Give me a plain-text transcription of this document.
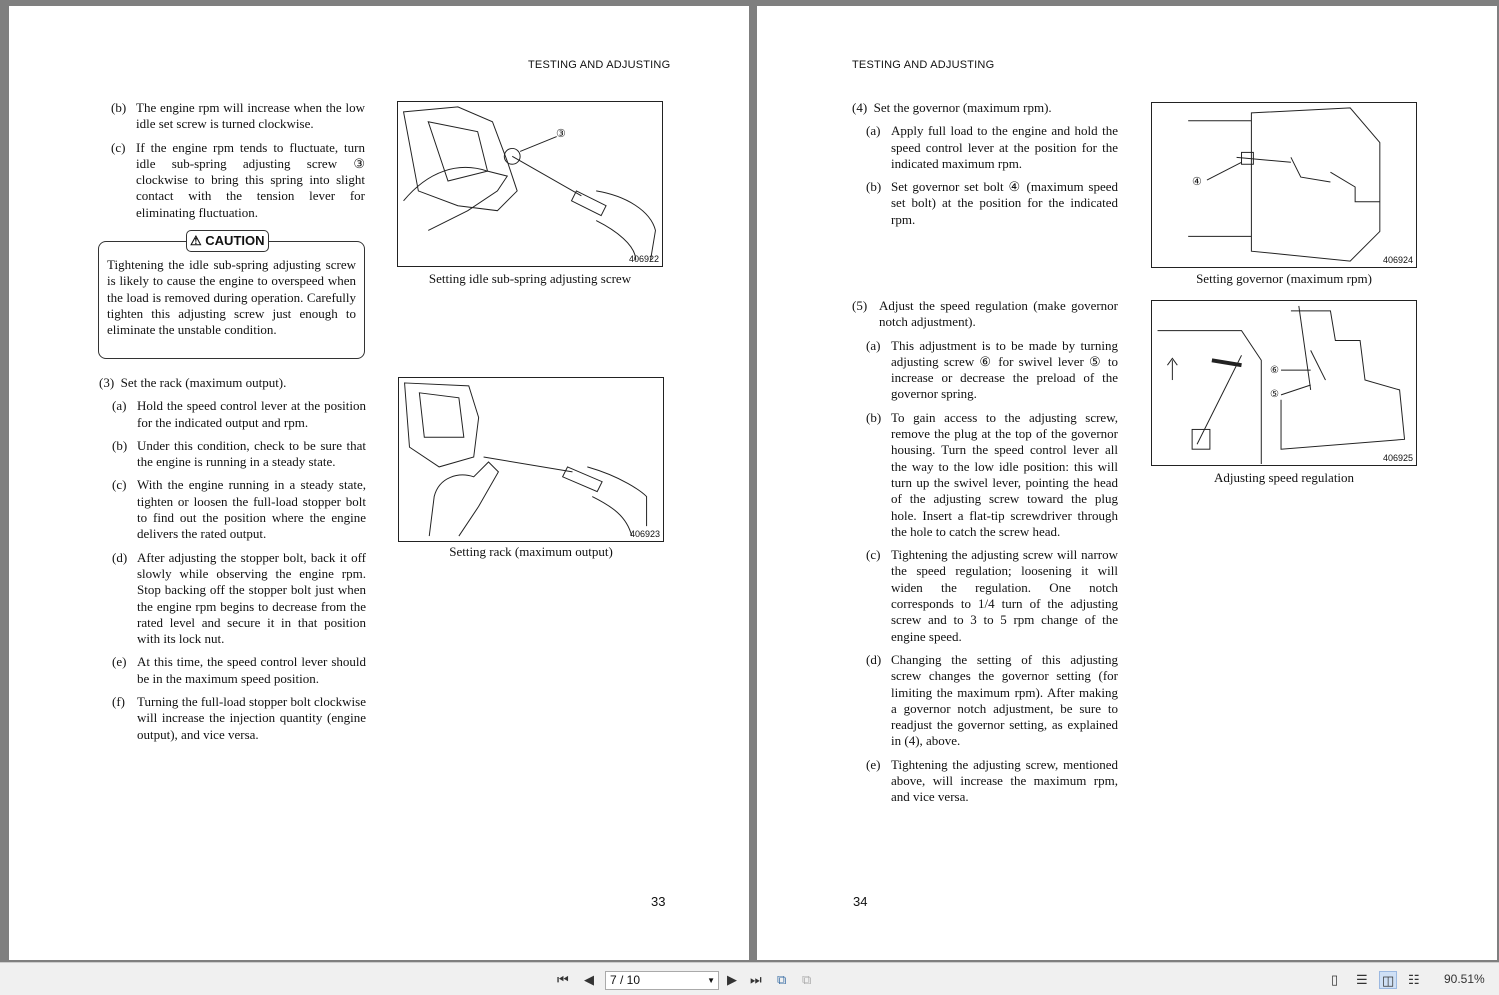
TESTING AND ADJUSTING
(b) The engine rpm will increase when the low idle set screw is turned clockwise.
(c) If the engine rpm tends to fluctuate, turn idle sub-spring adjusting screw ③ clockwise to bring this spring into slight contact with the tension lever for eliminating fluctuation.
⚠ CAUTION
Tightening the idle sub-spring adjusting screw is likely to cause the engine to overspeed when the load is removed during operation. Carefully tighten this adjusting screw just enough to eliminate the unstable condition.
(3) Set the rack (maximum output).
(a) Hold the speed control lever at the position for the indicated output and rpm.
(b) Under this condition, check to be sure that the engine is running in a steady state.
(c) With the engine running in a steady state, tighten or loosen the full-load stopper bolt to find out the position where the engine delivers the rated output.
(d) After adjusting the stopper bolt, back it off slowly while observing the engine rpm. Stop backing off the stopper bolt just when the engine rpm begins to decrease from the rated level and secure it in that position with its lock nut.
(e) At this time, the speed control lever should be in the maximum speed position.
(f) Turning the full-load stopper bolt clockwise will increase the injection quantity (engine output), and vice versa.
③
406922
Setting idle sub-spring adjusting screw
406923
Setting rack (maximum output)
33
TESTING AND ADJUSTING
(4) Set the governor (maximum rpm).
(a) Apply full load to the engine and hold the speed control lever at the position for the indicated maximum rpm.
(b) Set governor set bolt ④ (maximum speed set bolt) at the position for the indicated rpm.
(5) Adjust the speed regulation (make governor notch adjustment).
(a) This adjustment is to be made by turning adjusting screw ⑥ for swivel lever ⑤ to increase or decrease the preload of the governor spring.
(b) To gain access to the adjusting screw, remove the plug at the top of the governor housing. Turn the speed control lever all the way to the low idle position: this will turn up the swivel lever, pointing the head of the adjusting screw toward the plug hole. Insert a flat-tip screwdriver through the hole to catch the screw head.
(c) Tightening the adjusting screw will narrow the speed regulation; loosening it will widen the regulation. One notch corresponds to 1/4 turn of the adjusting screw and to 3 to 5 rpm change of the engine speed.
(d) Changing the setting of this adjusting screw changes the governor setting (for limiting the maximum rpm). After making a governor notch adjustment, be sure to readjust the governor setting, as explained in (4), above.
(e) Tightening the adjusting screw, mentioned above, will increase the maximum rpm, and vice versa.
④
406924
Setting governor (maximum rpm)
⑥
⑤
406925
Adjusting speed regulation
34
⏮ ◀	7 / 10	▼ ▶ ⏭ ⧉ ⧉	▯ ☰ ◫ ☷ 90.51%
